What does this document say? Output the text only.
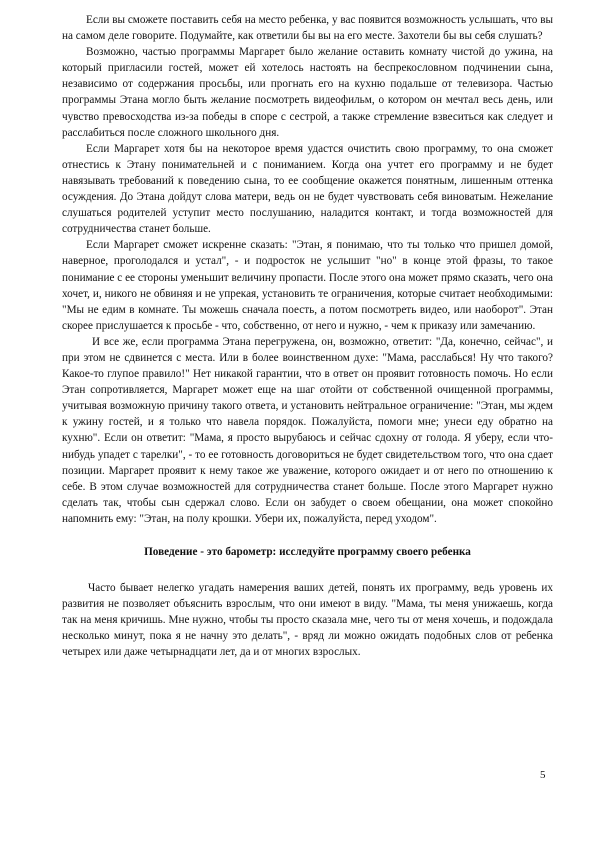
Если вы сможете поставить себя на место ребенка, у вас появится возможность услышать, что вы на самом деле говорите. Подумайте, как ответили бы вы на его месте. Захотели бы вы себя слушать?

Возможно, частью программы Маргарет было желание оставить комнату чистой до ужина, на который пригласили гостей, может ей хотелось настоять на беспрекословном подчинении сына, независимо от содержания просьбы, или прогнать его на кухню подальше от телевизора. Частью программы Этана могло быть желание посмотреть видеофильм, о котором он мечтал весь день, или чувство превосходства из-за победы в споре с сестрой, а также стремление взвеситься как следует и расслабиться после сложного школьного дня.

Если Маргарет хотя бы на некоторое время удастся очистить свою программу, то она сможет отнестись к Этану понимательней и с пониманием. Когда она учтет его программу и не будет навязывать требований к поведению сына, то ее сообщение окажется понятным, лишенным оттенка осуждения. До Этана дойдут слова матери, ведь он не будет чувствовать себя виноватым. Нежелание слушаться родителей уступит место послушанию, наладится контакт, и тогда возможностей для сотрудничества станет больше.

Если Маргарет сможет искренне сказать: "Этан, я понимаю, что ты только что пришел домой, наверное, проголодался и устал", - и подросток не услышит "но" в конце этой фразы, то такое понимание с ее стороны уменьшит величину пропасти. После этого она может прямо сказать, чего она хочет, и, никого не обвиняя и не упрекая, установить те ограничения, которые считает необходимыми: "Мы не едим в комнате. Ты можешь сначала поесть, а потом посмотреть видео, или наоборот". Этан скорее прислушается к просьбе - что, собственно, от него и нужно, - чем к приказу или замечанию.

И все же, если программа Этана перегружена, он, возможно, ответит: "Да, конечно, сейчас", и при этом не сдвинется с места. Или в более воинственном духе: "Мама, расслабься! Ну что такого? Какое-то глупое правило!" Нет никакой гарантии, что в ответ он проявит готовность помочь. Но если Этан сопротивляется, Маргарет может еще на шаг отойти от собственной очищенной программы, учитывая возможную причину такого ответа, и установить нейтральное ограничение: "Этан, мы ждем к ужину гостей, и я только что навела порядок. Пожалуйста, помоги мне; унеси еду обратно на кухню". Если он ответит: "Мама, я просто вырубаюсь и сейчас сдохну от голода. Я уберу, если что-нибудь упадет с тарелки", - то ее готовность договориться не будет свидетельством того, что она сдает позиции. Маргарет проявит к нему такое же уважение, которого ожидает и от него по отношению к себе. В этом случае возможностей для сотрудничества станет больше. После этого Маргарет нужно сделать так, чтобы сын сдержал слово. Если он забудет о своем обещании, она может спокойно напомнить ему: "Этан, на полу крошки. Убери их, пожалуйста, перед уходом".

Поведение - это барометр: исследуйте программу своего ребенка

Часто бывает нелегко угадать намерения ваших детей, понять их программу, ведь уровень их развития не позволяет объяснить взрослым, что они имеют в виду. "Мама, ты меня унижаешь, когда так на меня кричишь. Мне нужно, чтобы ты просто сказала мне, чего ты от меня хочешь, и подождала несколько минут, пока я не начну это делать", - вряд ли можно ожидать подобных слов от ребенка четырех или даже четырнадцати лет, да и от многих взрослых.

5
